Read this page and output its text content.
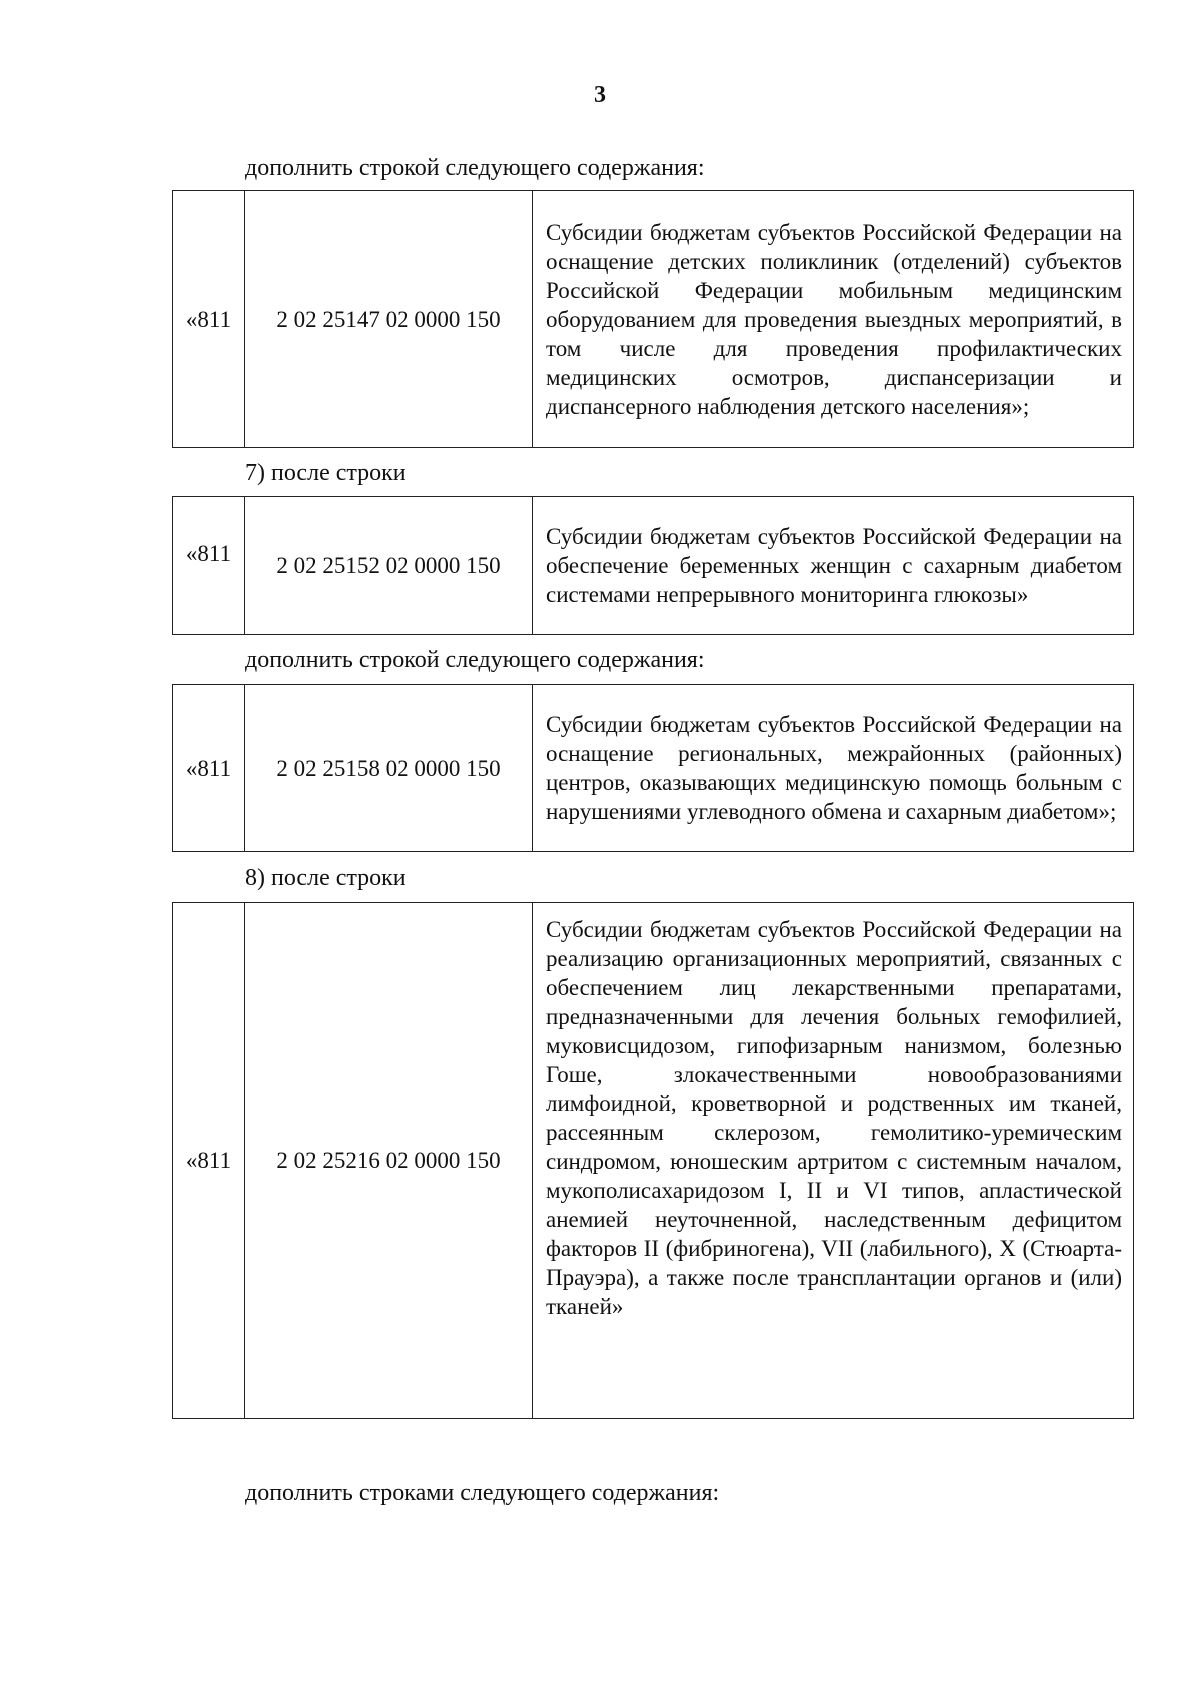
3
дополнить строкой следующего содержания:
«811	2 02 25147 02 0000 150	Субсидии бюджетам субъектов Российской Федерации на оснащение детских поликлиник (отделений) субъектов Российской Федерации мобильным медицинским оборудованием для проведения выездных мероприятий, в том числе для проведения профилактических медицинских осмотров, диспансеризации и диспансерного наблюдения детского населения»;
7) после строки
«811	2 02 25152 02 0000 150	Субсидии бюджетам субъектов Российской Федерации на обеспечение беременных женщин с сахарным диабетом системами непрерывного мониторинга глюкозы»
дополнить строкой следующего содержания:
«811	2 02 25158 02 0000 150	Субсидии бюджетам субъектов Российской Федерации на оснащение региональных, межрайонных (районных) центров, оказывающих медицинскую помощь больным с нарушениями углеводного обмена и сахарным диабетом»;
8) после строки
«811	2 02 25216 02 0000 150	Субсидии бюджетам субъектов Российской Федерации на реализацию организационных мероприятий, связанных с обеспечением лиц лекарственными препаратами, предназначенными для лечения больных гемофилией, муковисцидозом, гипофизарным нанизмом, болезнью Гоше, злокачественными новообразованиями лимфоидной, кроветворной и родственных им тканей, рассеянным склерозом, гемолитико-уремическим синдромом, юношеским артритом с системным началом, мукополисахаридозом I, II и VI типов, апластической анемией неуточненной, наследственным дефицитом факторов II (фибриногена), VII (лабильного), X (Стюарта-Прауэра), а также после трансплантации органов и (или) тканей»
дополнить строками следующего содержания:
